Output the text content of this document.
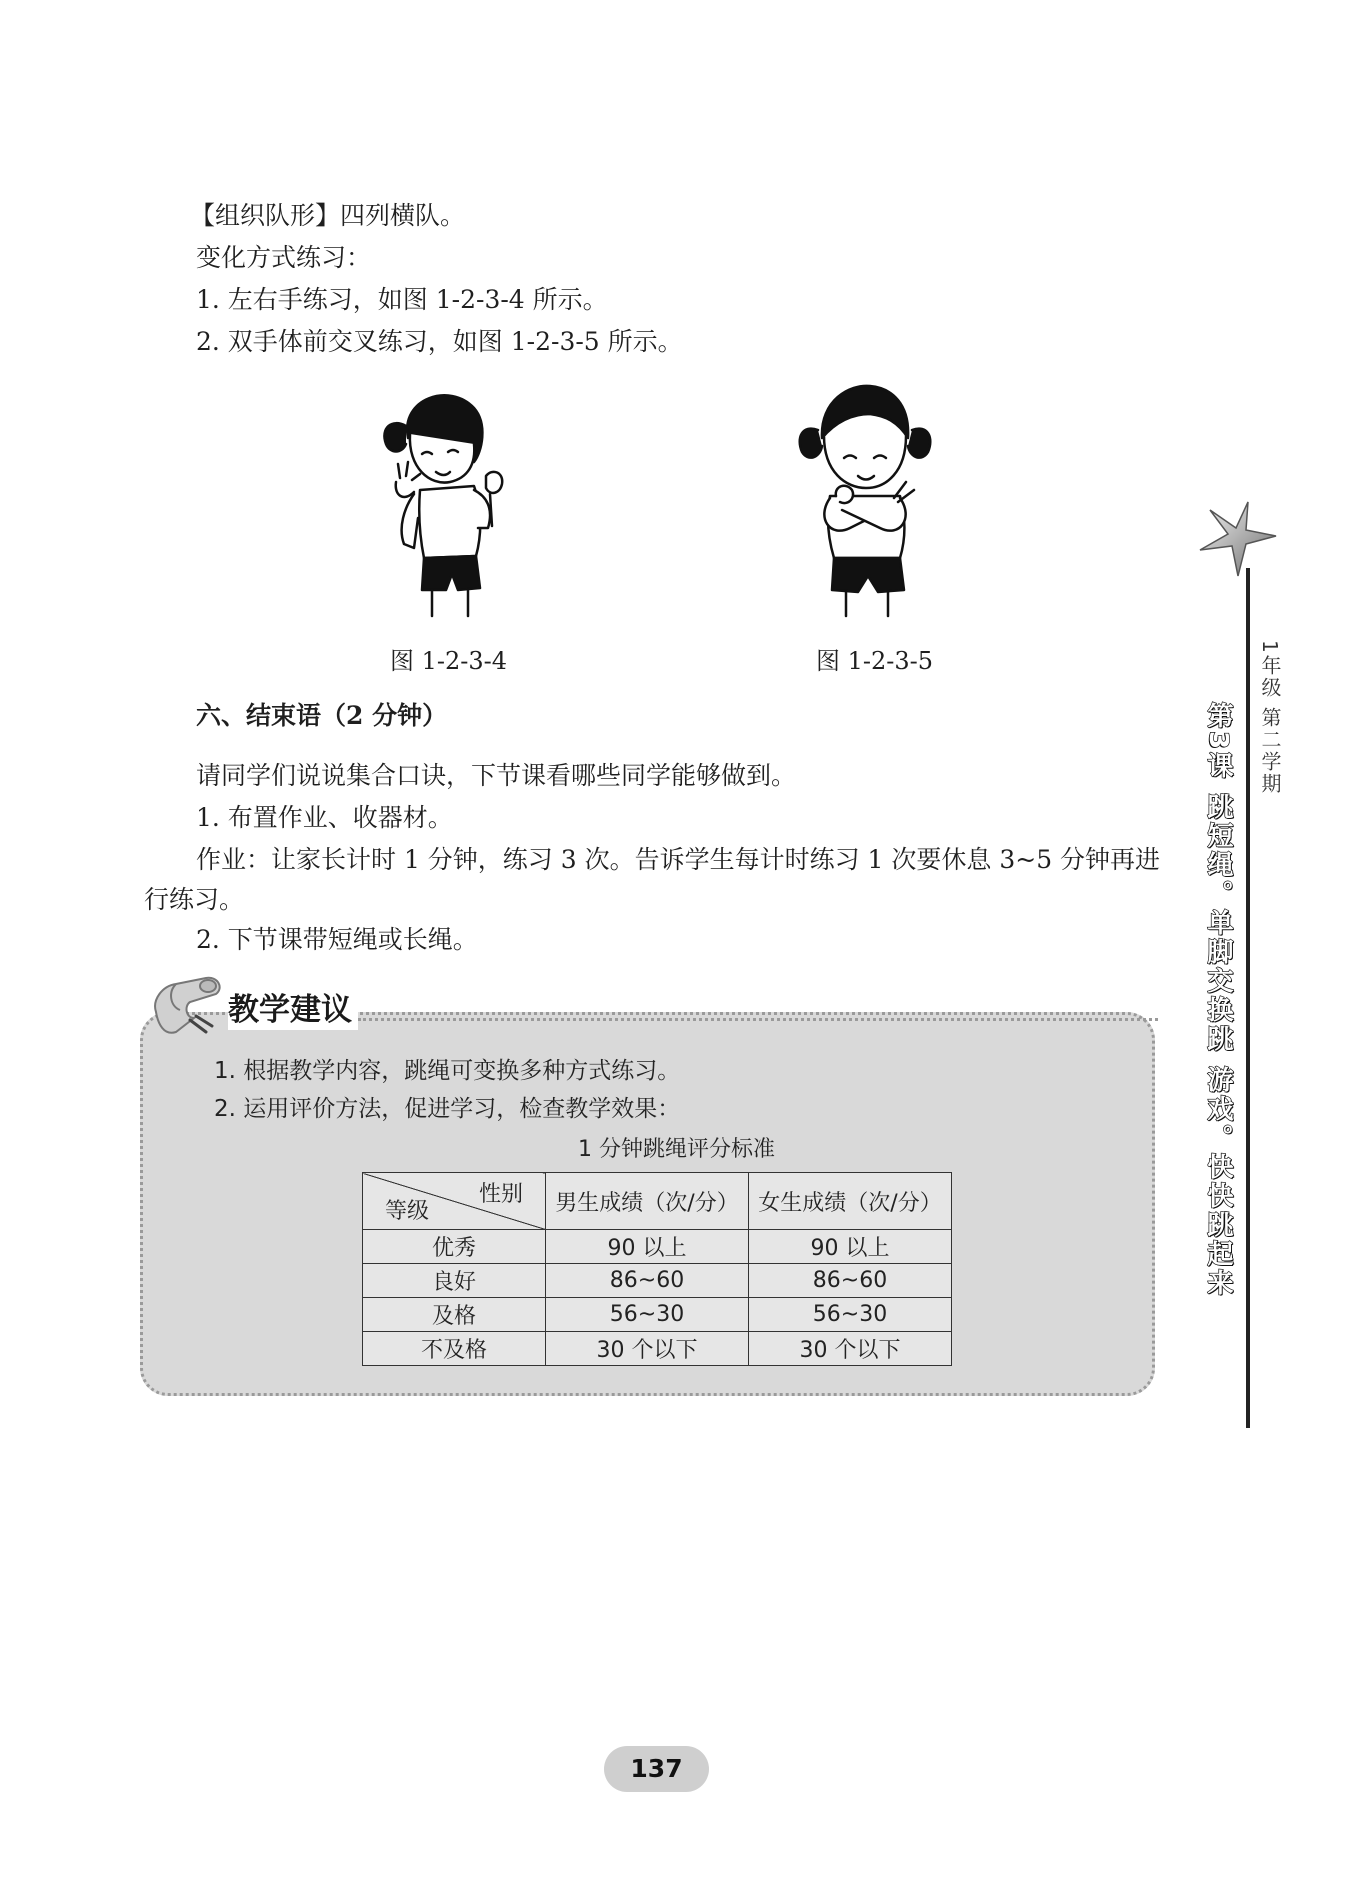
【组织队形】四列横队。
变化方式练习：
1. 左右手练习，如图 1-2-3-4 所示。
2. 双手体前交叉练习，如图 1-2-3-5 所示。
图 1-2-3-4	图 1-2-3-5
六、结束语（2 分钟）
请同学们说说集合口诀，下节课看哪些同学能够做到。
1. 布置作业、收器材。
作业：让家长计时 1 分钟，练习 3 次。告诉学生每计时练习 1 次要休息 3~5 分钟再进
行练习。
2. 下节课带短绳或长绳。
教学建议
1. 根据教学内容，跳绳可变换多种方式练习。
2. 运用评价方法，促进学习，检查教学效果：
1 分钟跳绳评分标准
性别
等级	男生成绩（次/分）	女生成绩（次/分）
优秀	90 以上	90 以上
良好	86~60	86~60
及格	56~30	56~30
不及格	30 个以下	30 个以下
1年级 第二学期
第3课 跳短绳。单脚交换跳 游戏。快快跳起来
137
